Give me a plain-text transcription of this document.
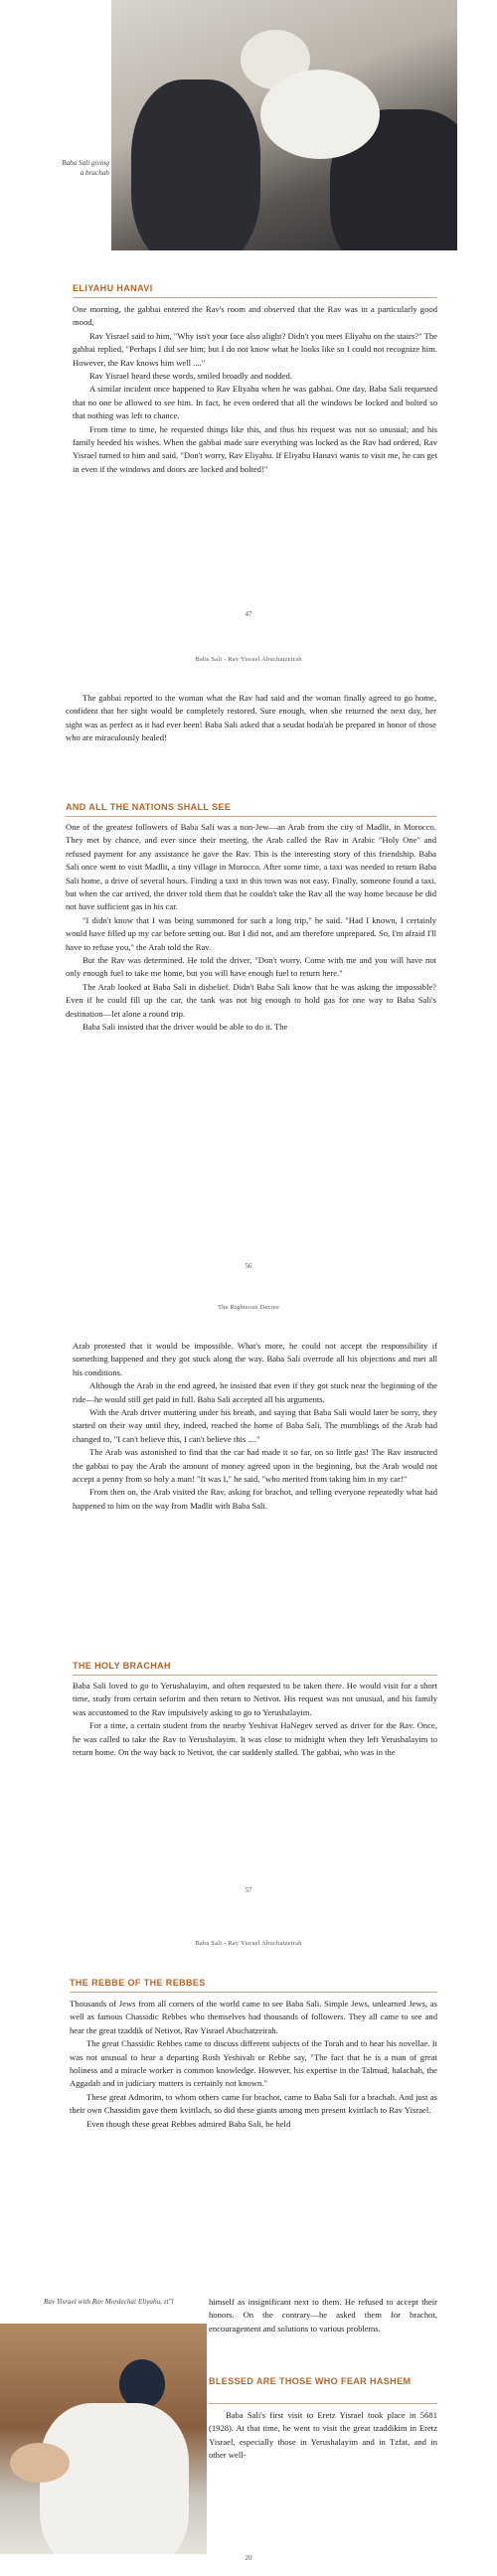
Baba Sali giving a brachah
ELIYAHU HANAVI

One morning, the gabbai entered the Rav's room and observed that the Rav was in a particularly good mood,

Rav Yisrael said to him, "Why isn't your face also alight? Didn't you meet Eliyahu on the stairs?" The gabbai replied, "Perhaps I did see him; but I do not know what he looks like so I could not recognize him. However, the Rav knows him well ...."

Rav Yisrael heard these words, smiled broadly and nodded.

A similar incident once happened to Rav Eliyahu when he was gabbai. One day, Baba Sali requested that no one be allowed to see him. In fact, he even ordered that all the windows be locked and bolted so that nothing was left to chance.

From time to time, he requested things like this, and thus his request was not so unusual; and his family heeded his wishes. When the gabbai made sure everything was locked as the Rav had ordered, Rav Yisrael turned to him and said, "Don't worry, Rav Eliyahu. If Eliyahu Hanavi wants to visit me, he can get in even if the windows and doors are locked and bolted!"

47
Baba Sali - Rav Yisrael Abuchatzeirah

The gabbai reported to the woman what the Rav had said and the woman finally agreed to go home, confident that her sight would be completely restored. Sure enough, when she returned the next day, her sight was as perfect as it had ever been! Baba Sali asked that a seudat hoda'ah be prepared in honor of those who are miraculously healed!

AND ALL THE NATIONS SHALL SEE

One of the greatest followers of Baba Sali was a non-Jew—an Arab from the city of Madlit, in Morocco. They met by chance, and ever since their meeting, the Arab called the Rav in Arabic "Holy One" and refused payment for any assistance he gave the Rav. This is the interesting story of this friendship. Baba Sali once went to visit Madlit, a tiny village in Morocco. After some time, a taxi was needed to return Baba Sali home, a drive of several hours. Finding a taxi in this town was not easy. Finally, someone found a taxi, but when the car arrived, the driver told them that he couldn't take the Rav all the way home because he did not have sufficient gas in his car.

"I didn't know that I was being summoned for such a long trip," he said. "Had I known, I certainly would have filled up my car before setting out. But I did not, and am therefore unprepared. So, I'm afraid I'll have to refuse you," the Arab told the Rav.

But the Rav was determined. He told the driver, "Don't worry. Come with me and you will have not only enough fuel to take me home, but you will have enough fuel to return here."

The Arab looked at Baba Sali in disbelief. Didn't Baba Sali know that he was asking the impossible? Even if he could fill up the car, the tank was not big enough to hold gas for one way to Baba Sali's destination—let alone a round trip.

Baba Sali insisted that the driver would be able to do it. The

56
The Righteous Decree

Arab protested that it would be impossible. What's more, he could not accept the responsibility if something happened and they got stuck along the way. Baba Sali overrode all his objections and met all his conditions.

Although the Arab in the end agreed, he insisted that even if they got stuck near the beginning of the ride—he would still get paid in full. Baba Sali accepted all his arguments.

With the Arab driver muttering under his breath, and saying that Baba Sali would later be sorry, they started on their way until they, indeed, reached the home of Baba Sali. The mumblings of the Arab had changed to, "I can't believe this, I can't believe this ...."

The Arab was astonished to find that the car had made it so far, on so little gas! The Rav instructed the gabbai to pay the Arab the amount of money agreed upon in the beginning, but the Arab would not accept a penny from so holy a man! "It was I," he said, "who merited from taking him in my car!"

From then on, the Arab visited the Rav, asking for brachot, and telling everyone repeatedly what had happened to him on the way from Madlit with Baba Sali.

THE HOLY BRACHAH

Baba Sali loved to go to Yerushalayim, and often requested to be taken there. He would visit for a short time, study from certain seforim and then return to Netivot. His request was not unusual, and his family was accustomed to the Rav impulsively asking to go to Yerushalayim.

For a time, a certain student from the nearby Yeshivat HaNegev served as driver for the Rav. Once, he was called to take the Rav to Yerushalayim. It was close to midnight when they left Yerushalayim to return home. On the way back to Netivot, the car suddenly stalled. The gabbai, who was in the

57
Baba Sali - Rav Yisrael Abuchatzeirah
THE REBBE OF THE REBBES

Thousands of Jews from all corners of the world came to see Baba Sali. Simple Jews, unlearned Jews, as well as famous Chassidic Rebbes who themselves had thousands of followers. They all came to see and hear the great tzaddik of Netivot, Rav Yisrael Abuchatzeirah.

The great Chassidic Rebbes came to discuss different subjects of the Torah and to hear his novellae. It was not unusual to hear a departing Rosh Yeshivah or Rebbe say, "The fact that he is a man of great holiness and a miracle worker is common knowledge. However, his expertise in the Talmud, halachah, the Aggadah and in judiciary matters is certainly not known."

These great Admorim, to whom others came for brachot, came to Baba Sali for a brachah. And just as their own Chassidim gave them kvittlach, so did these giants among men present kvittlach to Rav Yisrael.

Even though these great Rebbes admired Baba Sali, he held

Rav Yisrael with Rav Mordechai Eliyahu, zt"l	himself as insignificant next to them. He refused to accept their honors. On the contrary—he asked them for brachot, encouragement and solutions to various problems.

BLESSED ARE THOSE WHO FEAR HASHEM

Baba Sali's first visit to Eretz Yisrael took place in 5681 (1928). At that time, he went to visit the great tzaddikim in Eretz Yisrael, especially those in Yerushalayim and in Tzfat, and in other well-

20
